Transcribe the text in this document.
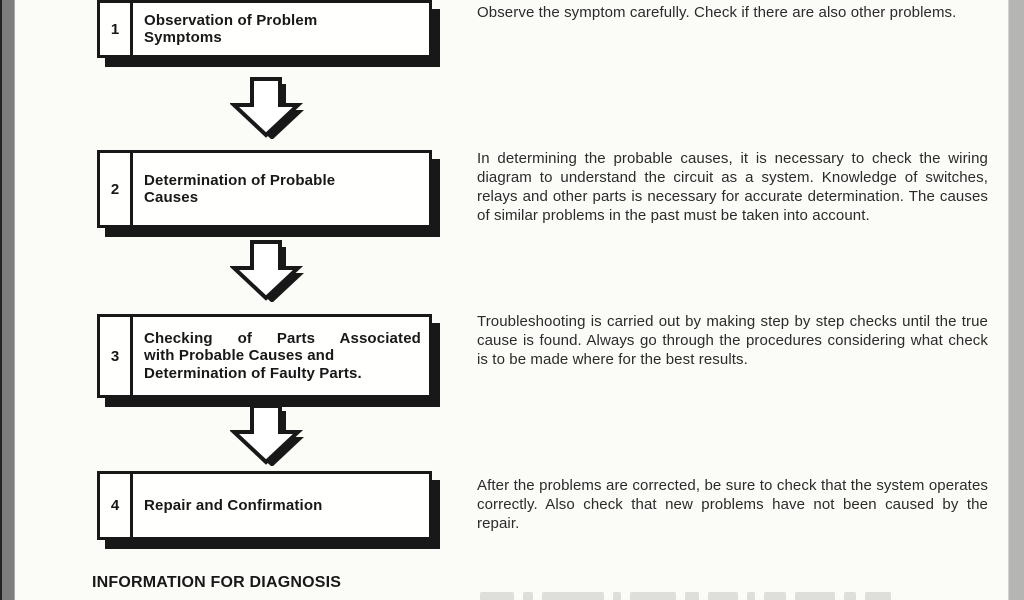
1
Observation of Problem
Symptoms

Observe the symptom carefully. Check if there are also other problems.

2
Determination of Probable
Causes

In determining the probable causes, it is necessary to check the wiring diagram to understand the circuit as a system. Knowledge of switches, relays and other parts is necessary for accurate determination. The causes of similar problems in the past must be taken into account.

3
Checking of Parts Associated
with Probable Causes and
Determination of Faulty Parts.

Troubleshooting is carried out by making step by step checks until the true cause is found. Always go through the procedures considering what check is to be made where for the best results.

4	Repair and Confirmation

After the problems are corrected, be sure to check that the system operates correctly. Also check that new problems have not been caused by the repair.

INFORMATION FOR DIAGNOSIS
